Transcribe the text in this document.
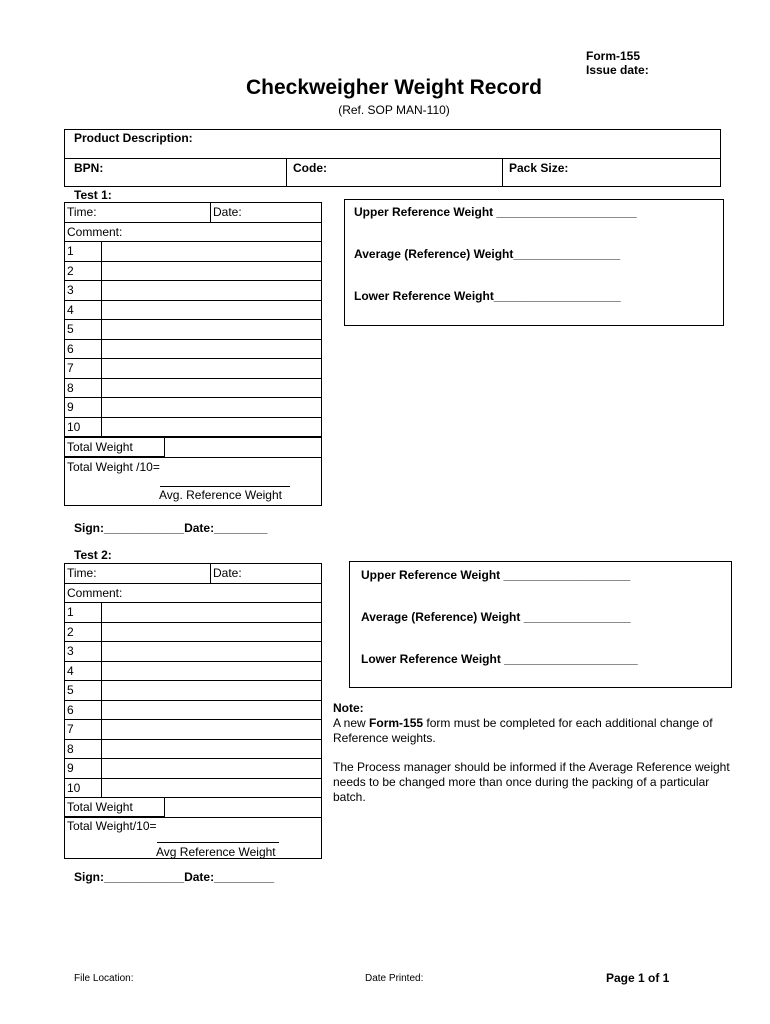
Form-155
Issue date:
Checkweigher Weight Record
(Ref. SOP MAN-110)
Product Description:
BPN:	Code:	Pack Size:
Test 1:
Time:		Date:
Comment:		
1		
2		
3		
4		
5		
6		
7		
8		
9		
10		
Total Weight
Total Weight /10=
Avg. Reference Weight
Upper Reference Weight _____________________
Average (Reference) Weight________________
Lower Reference Weight___________________
Sign:____________Date:________
Test 2:
Time:		Date:
Comment:		
1		
2		
3		
4		
5		
6		
7		
8		
9		
10		
Total Weight
Total Weight/10=
Avg Reference Weight
Upper Reference Weight ___________________
Average (Reference) Weight ________________
Lower Reference Weight ____________________
Sign:____________Date:_________
Note:
A new Form-155 form must be completed for each additional change of Reference weights.
The Process manager should be informed if the Average Reference weight needs to be changed more than once during the packing of a particular batch.
File Location:	Date Printed:	Page 1 of 1
